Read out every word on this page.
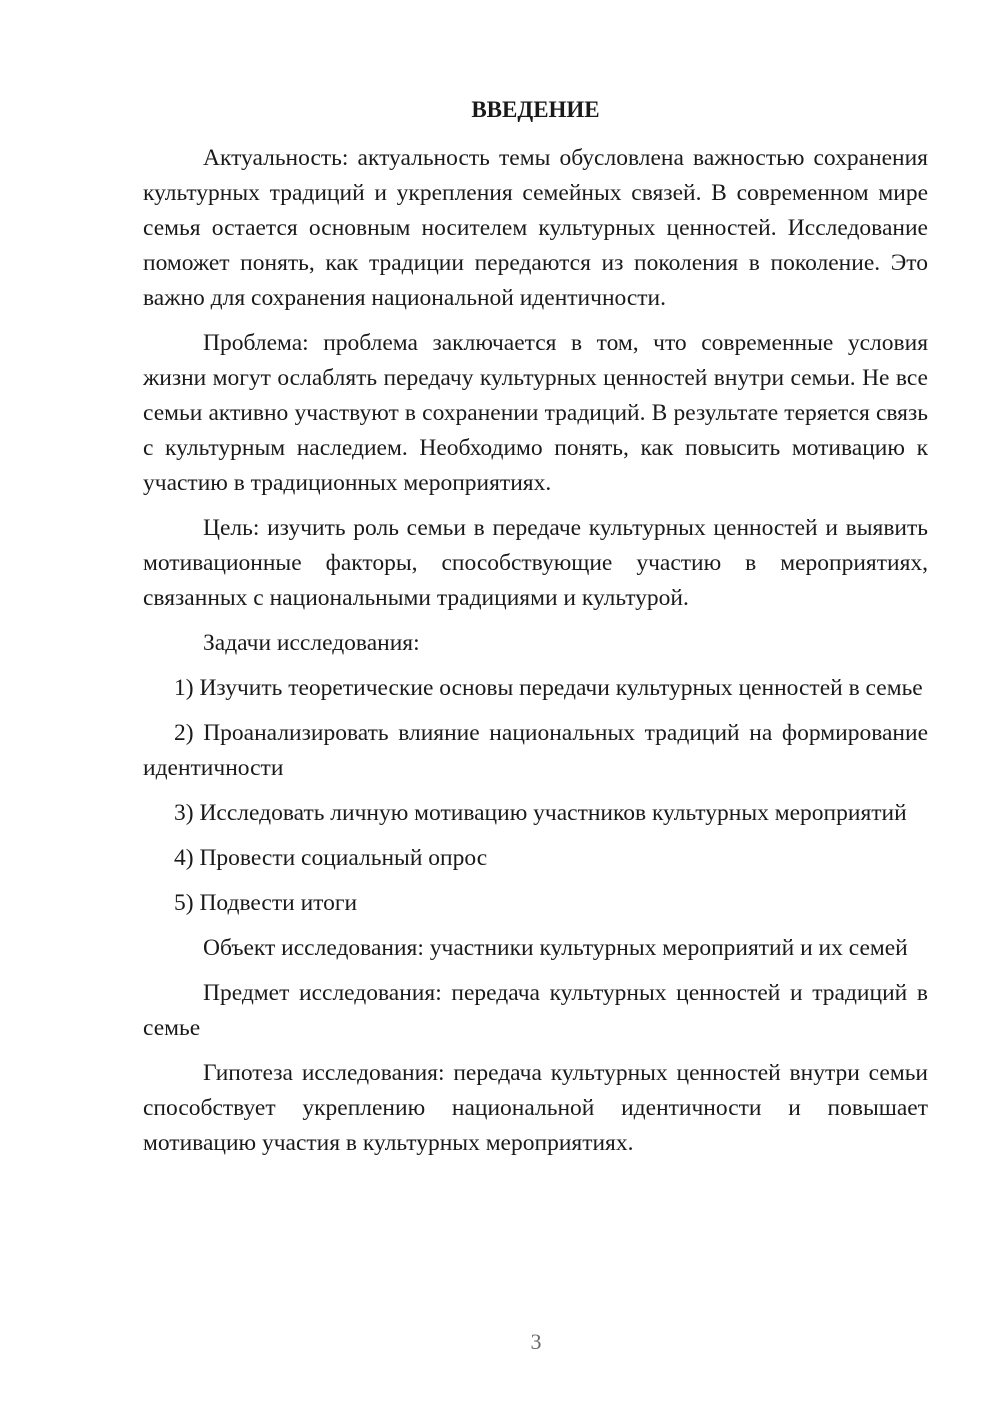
ВВЕДЕНИЕ

Актуальность: актуальность темы обусловлена важностью сохранения культурных традиций и укрепления семейных связей. В современном мире семья остается основным носителем культурных ценностей. Исследование поможет понять, как традиции передаются из поколения в поколение. Это важно для сохранения национальной идентичности.

Проблема: проблема заключается в том, что современные условия жизни могут ослаблять передачу культурных ценностей внутри семьи. Не все семьи активно участвуют в сохранении традиций. В результате теряется связь с культурным наследием. Необходимо понять, как повысить мотивацию к участию в традиционных мероприятиях.

Цель: изучить роль семьи в передаче культурных ценностей и выявить мотивационные факторы, способствующие участию в мероприятиях, связанных с национальными традициями и культурой.

Задачи исследования:

1) Изучить теоретические основы передачи культурных ценностей в семье

2) Проанализировать влияние национальных традиций на формирование идентичности

3) Исследовать личную мотивацию участников культурных мероприятий

4) Провести социальный опрос

5) Подвести итоги

Объект исследования: участники культурных мероприятий и их семей

Предмет исследования: передача культурных ценностей и традиций в семье

Гипотеза исследования: передача культурных ценностей внутри семьи способствует укреплению национальной идентичности и повышает мотивацию участия в культурных мероприятиях.

3
